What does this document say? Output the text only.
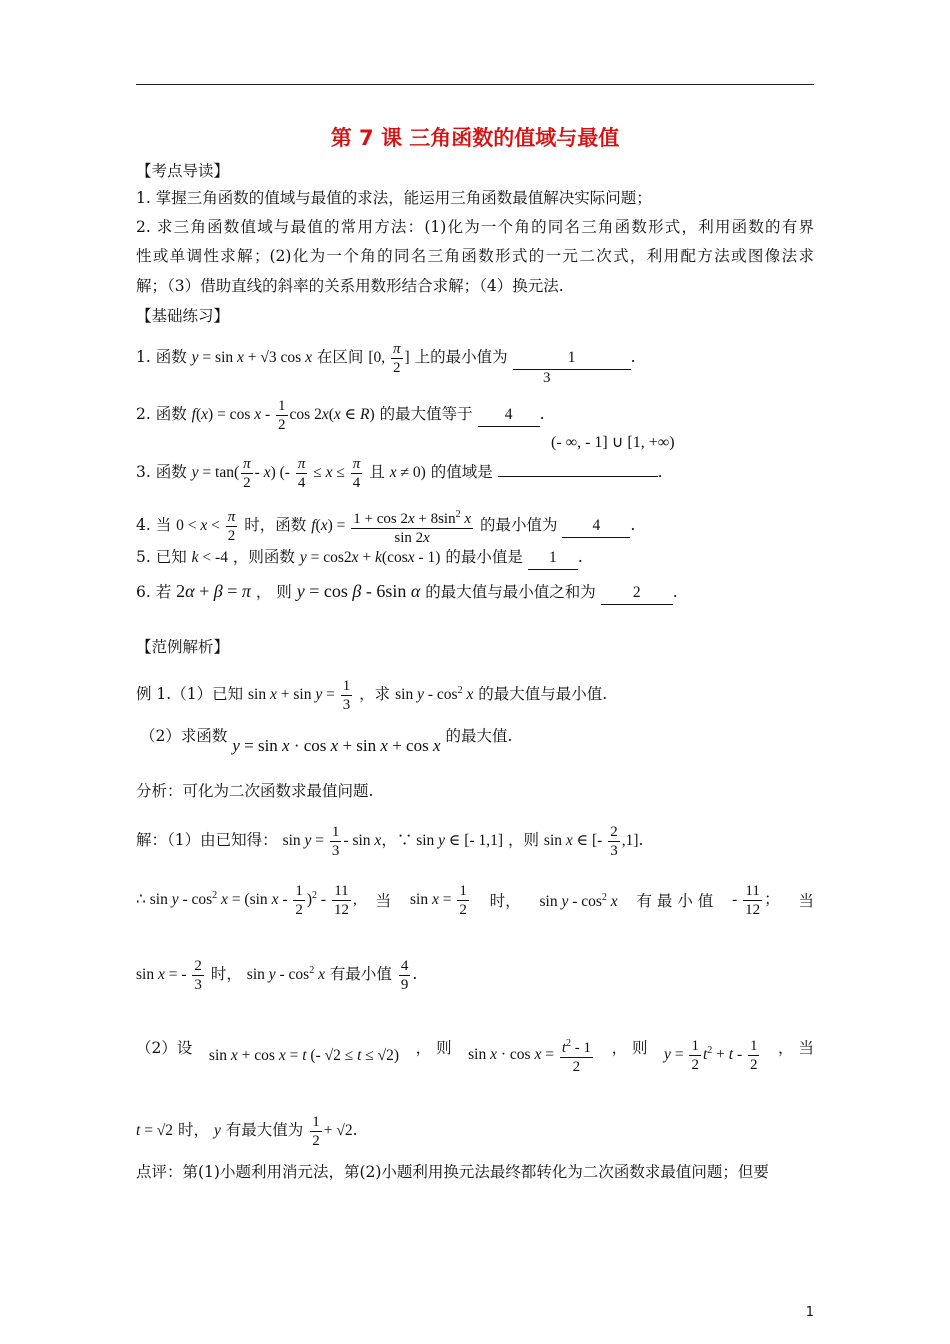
第 7 课 三角函数的值域与最值
【考点导读】
1. 掌握三角函数的值域与最值的求法，能运用三角函数最值解决实际问题；
2. 求三角函数值域与最值的常用方法：(1)化为一个角的同名三角函数形式，利用函数的有界
性或单调性求解；(2)化为一个角的同名三角函数形式的一元二次式，利用配方法或图像法求
解；（3）借助直线的斜率的关系用数形结合求解；（4）换元法.
【基础练习】
1. 函数 y = sin x + √3 cos x 在区间 [0, $\frac{\pi}{2}$ ] 上的最小值为	1	.
3
2. 函数 $f(x) = \cos x - \frac{1}{2}$ cos 2x(x ∈ R) 的最大值等于 4 .
(- ∞, - 1] ∪ [1, +∞)
3. 函数 $y = \tan( \frac{\pi}{2} - x)$ (- $\frac{\pi}{4} \le x \le \frac{\pi}{4}$ 且 x ≠ 0) 的值域是	.
4. 当 $0 < x < \frac{\pi}{2}$ 时，函数 $f(x) = \frac{1 + \cos 2x + 8\sin^2 x}{\sin 2x}$ 的最小值为 4 .
5. 已知 k < -4 ，则函数 y = cos2x + k(cosx - 1) 的最小值是 1 .
6. 若 2α + β = π ， 则 y = cos β - 6sin α 的最大值与最小值之和为 2 .
【范例解析】
例 1.（1）已知 $\sin x + \sin y = \frac{1}{3}$ ，求 sin y - $\cos^2 x$ 的最大值与最小值.
（2）求函数 y = sin x · cos x + sin x + cos x 的最大值.
分析：可化为二次函数求最值问题.
解：（1）由已知得： $\sin y = \frac{1}{3} - \sin x$，∵ sin y ∈ [- 1,1] ，则 sin x ∈ [- $\frac{2}{3} ,1$].
∴ $\sin y - \cos^2 x = (\sin$ x - $\frac{1}{2} )^2 - \frac{11}{12}$ , 当 $\sin x = \frac{1}{2}$ 时， sin y - $\cos^2 x$ 有 最 小 值 - $\frac{11}{12}$ ； 当
sin x = - $\frac{2}{3}$ 时， sin y - $\cos^2 x$ 有最小值 $\frac{4}{9}$ .
（2）设 sin x + cos x = t (- √2 ≤ t ≤ √2) ， 则 $\sin x \cdot \cos x = \frac{t^2 - 1}{2}$ ， 则 $y = \frac{1}{2} t^2 + t - \frac{1}{2}$ ， 当
t = √2 时， y 有最大值为 $\frac{1}{2} + √2$.
点评：第(1)小题利用消元法，第(2)小题利用换元法最终都转化为二次函数求最值问题；但要
1
